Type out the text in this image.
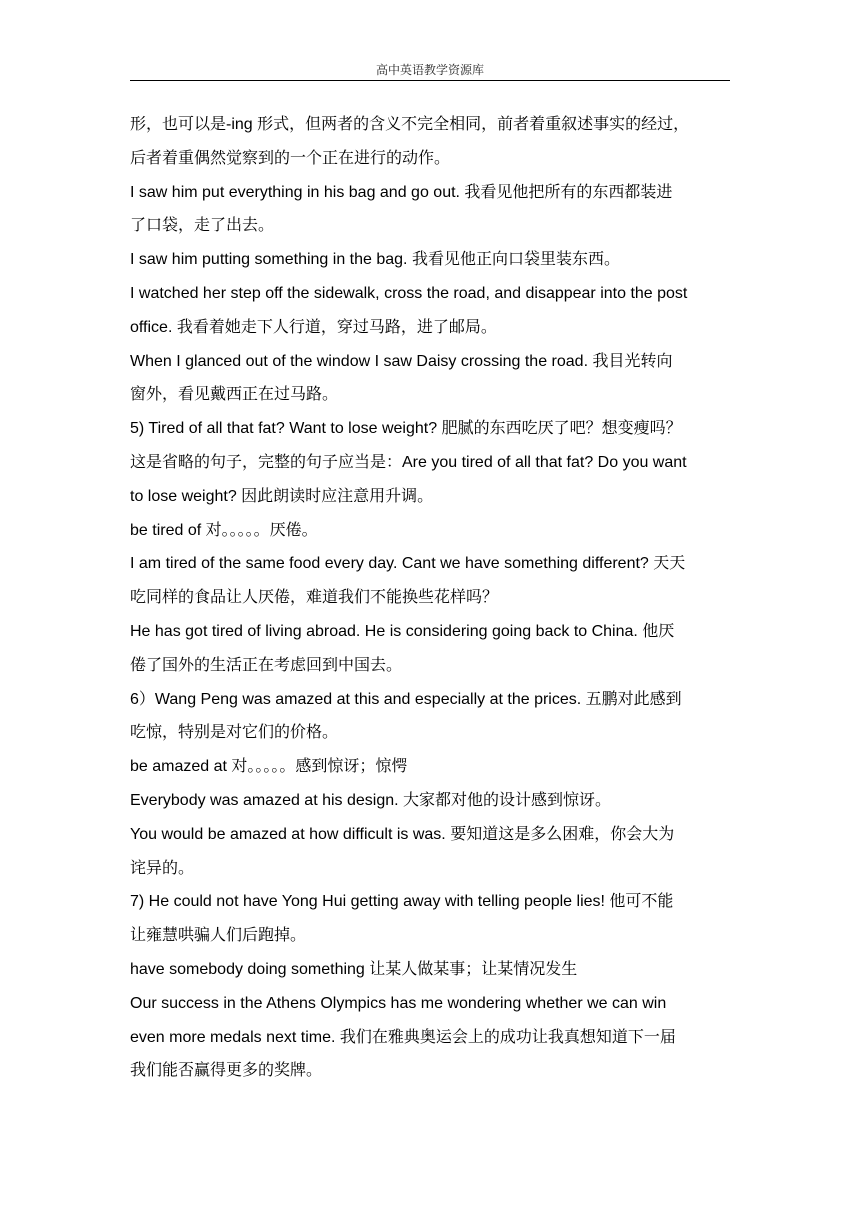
高中英语教学资源库
形，也可以是-ing 形式，但两者的含义不完全相同，前者着重叙述事实的经过，
后者着重偶然觉察到的一个正在进行的动作。
I saw him put everything in his bag and go out. 我看见他把所有的东西都装进
了口袋，走了出去。
I saw him putting something in the bag. 我看见他正向口袋里装东西。
I watched her step off the sidewalk, cross the road, and disappear into the post
office. 我看着她走下人行道，穿过马路，进了邮局。
When I glanced out of the window I saw Daisy crossing the road. 我目光转向
窗外，看见戴西正在过马路。
5) Tired of all that fat? Want to lose weight? 肥腻的东西吃厌了吧？想变瘦吗？
这是省略的句子，完整的句子应当是：Are you tired of all that fat? Do you want
to lose weight? 因此朗读时应注意用升调。
be tired of 对。。。。。厌倦。
I am tired of the same food every day. Cant we have something different? 天天
吃同样的食品让人厌倦，难道我们不能换些花样吗？
He has got tired of living abroad. He is considering going back to China. 他厌
倦了国外的生活正在考虑回到中国去。
6）Wang Peng was amazed at this and especially at the prices. 五鹏对此感到
吃惊，特别是对它们的价格。
be amazed at 对。。。。。感到惊讶；惊愕
Everybody was amazed at his design. 大家都对他的设计感到惊讶。
You would be amazed at how difficult is was. 要知道这是多么困难，你会大为
诧异的。
7) He could not have Yong Hui getting away with telling people lies! 他可不能
让雍慧哄骗人们后跑掉。
have somebody doing something 让某人做某事；让某情况发生
Our success in the Athens Olympics has me wondering whether we can win
even more medals next time. 我们在雅典奥运会上的成功让我真想知道下一届
我们能否赢得更多的奖牌。
